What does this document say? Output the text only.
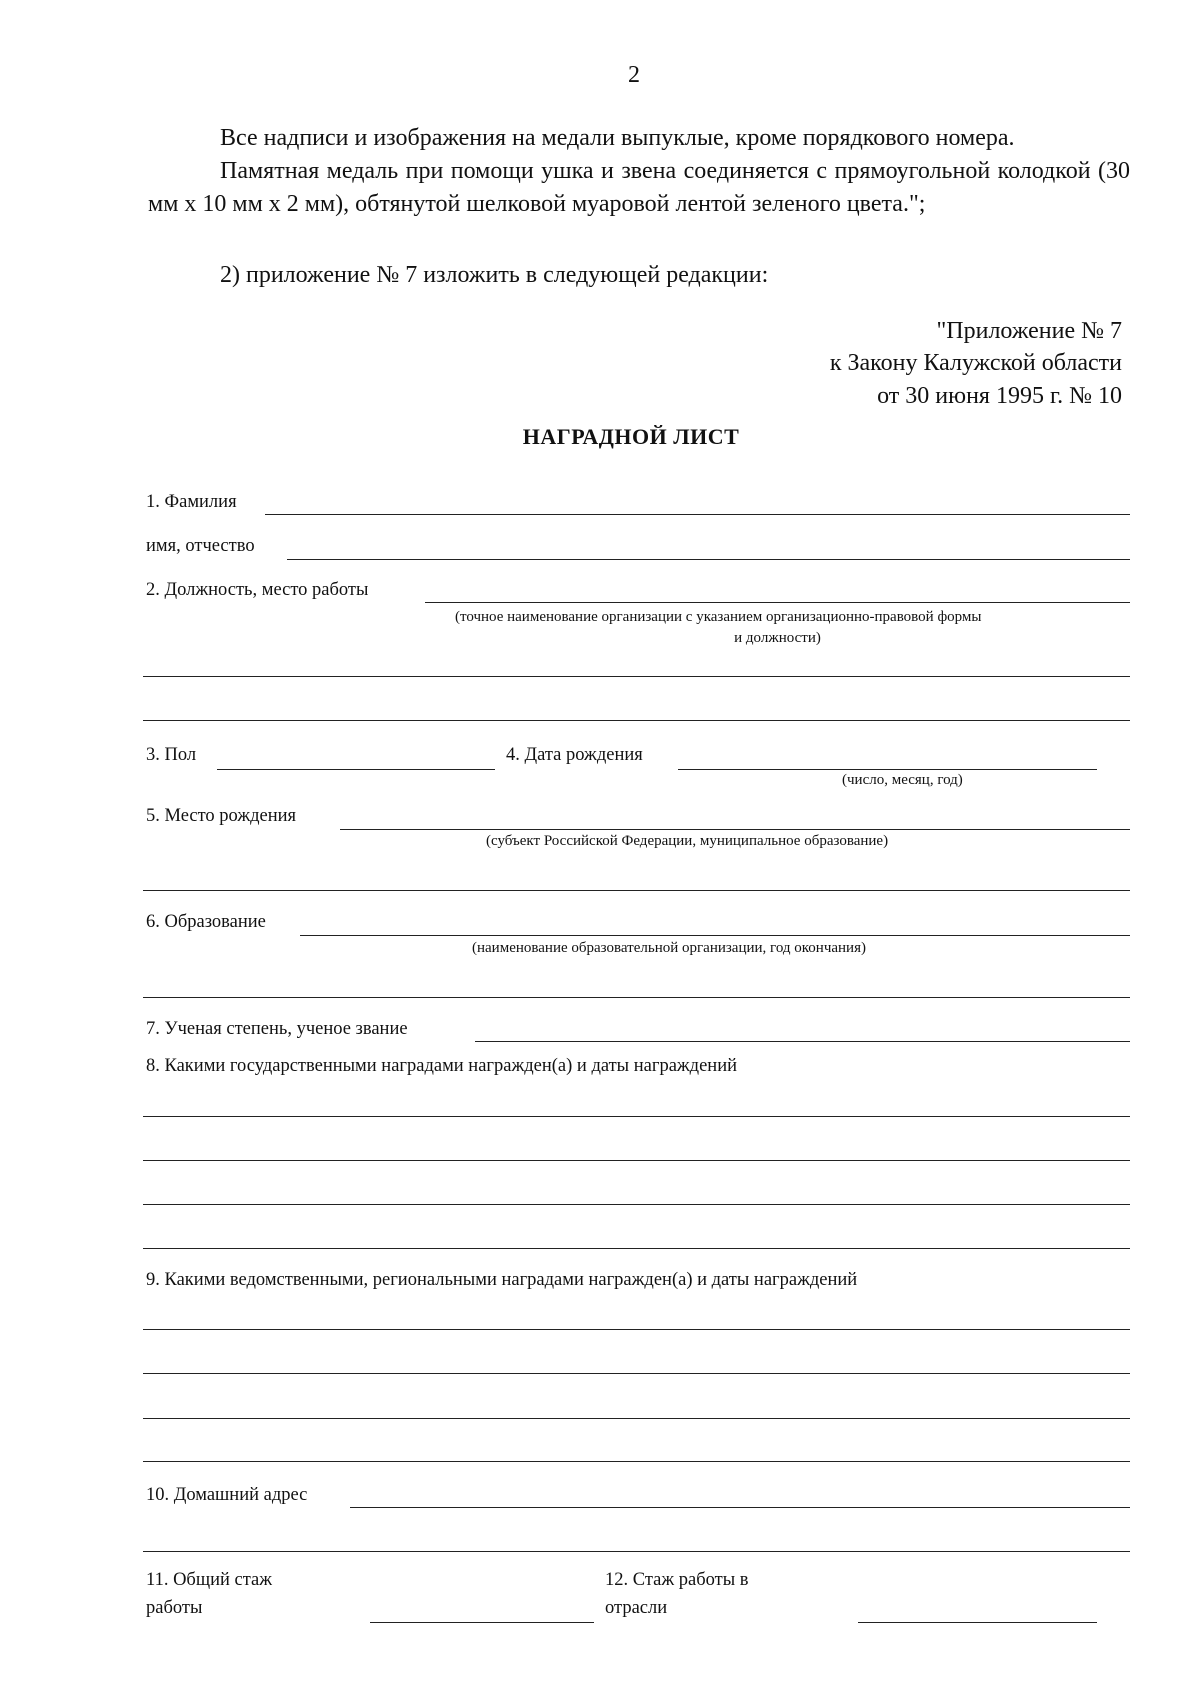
2
Все надписи и изображения на медали выпуклые, кроме порядкового номера.
Памятная медаль при помощи ушка и звена соединяется с прямоугольной колодкой (30 мм х 10 мм х 2 мм), обтянутой шелковой муаровой лентой зеленого цвета.";
2) приложение № 7 изложить в следующей редакции:
"Приложение № 7
к Закону Калужской области
от 30 июня 1995 г. № 10
НАГРАДНОЙ ЛИСТ
1. Фамилия
имя, отчество
2. Должность, место работы
(точное наименование организации с указанием организационно-правовой формы
и должности)
3. Пол	4. Дата рождения
(число, месяц, год)
5. Место рождения
(субъект Российской Федерации, муниципальное образование)
6. Образование
(наименование образовательной организации, год окончания)
7. Ученая степень, ученое звание
8. Какими государственными наградами награжден(а) и даты награждений
9. Какими ведомственными, региональными наградами награжден(а) и даты награждений
10. Домашний адрес
11. Общий стаж
работы
12. Стаж работы в
отрасли
